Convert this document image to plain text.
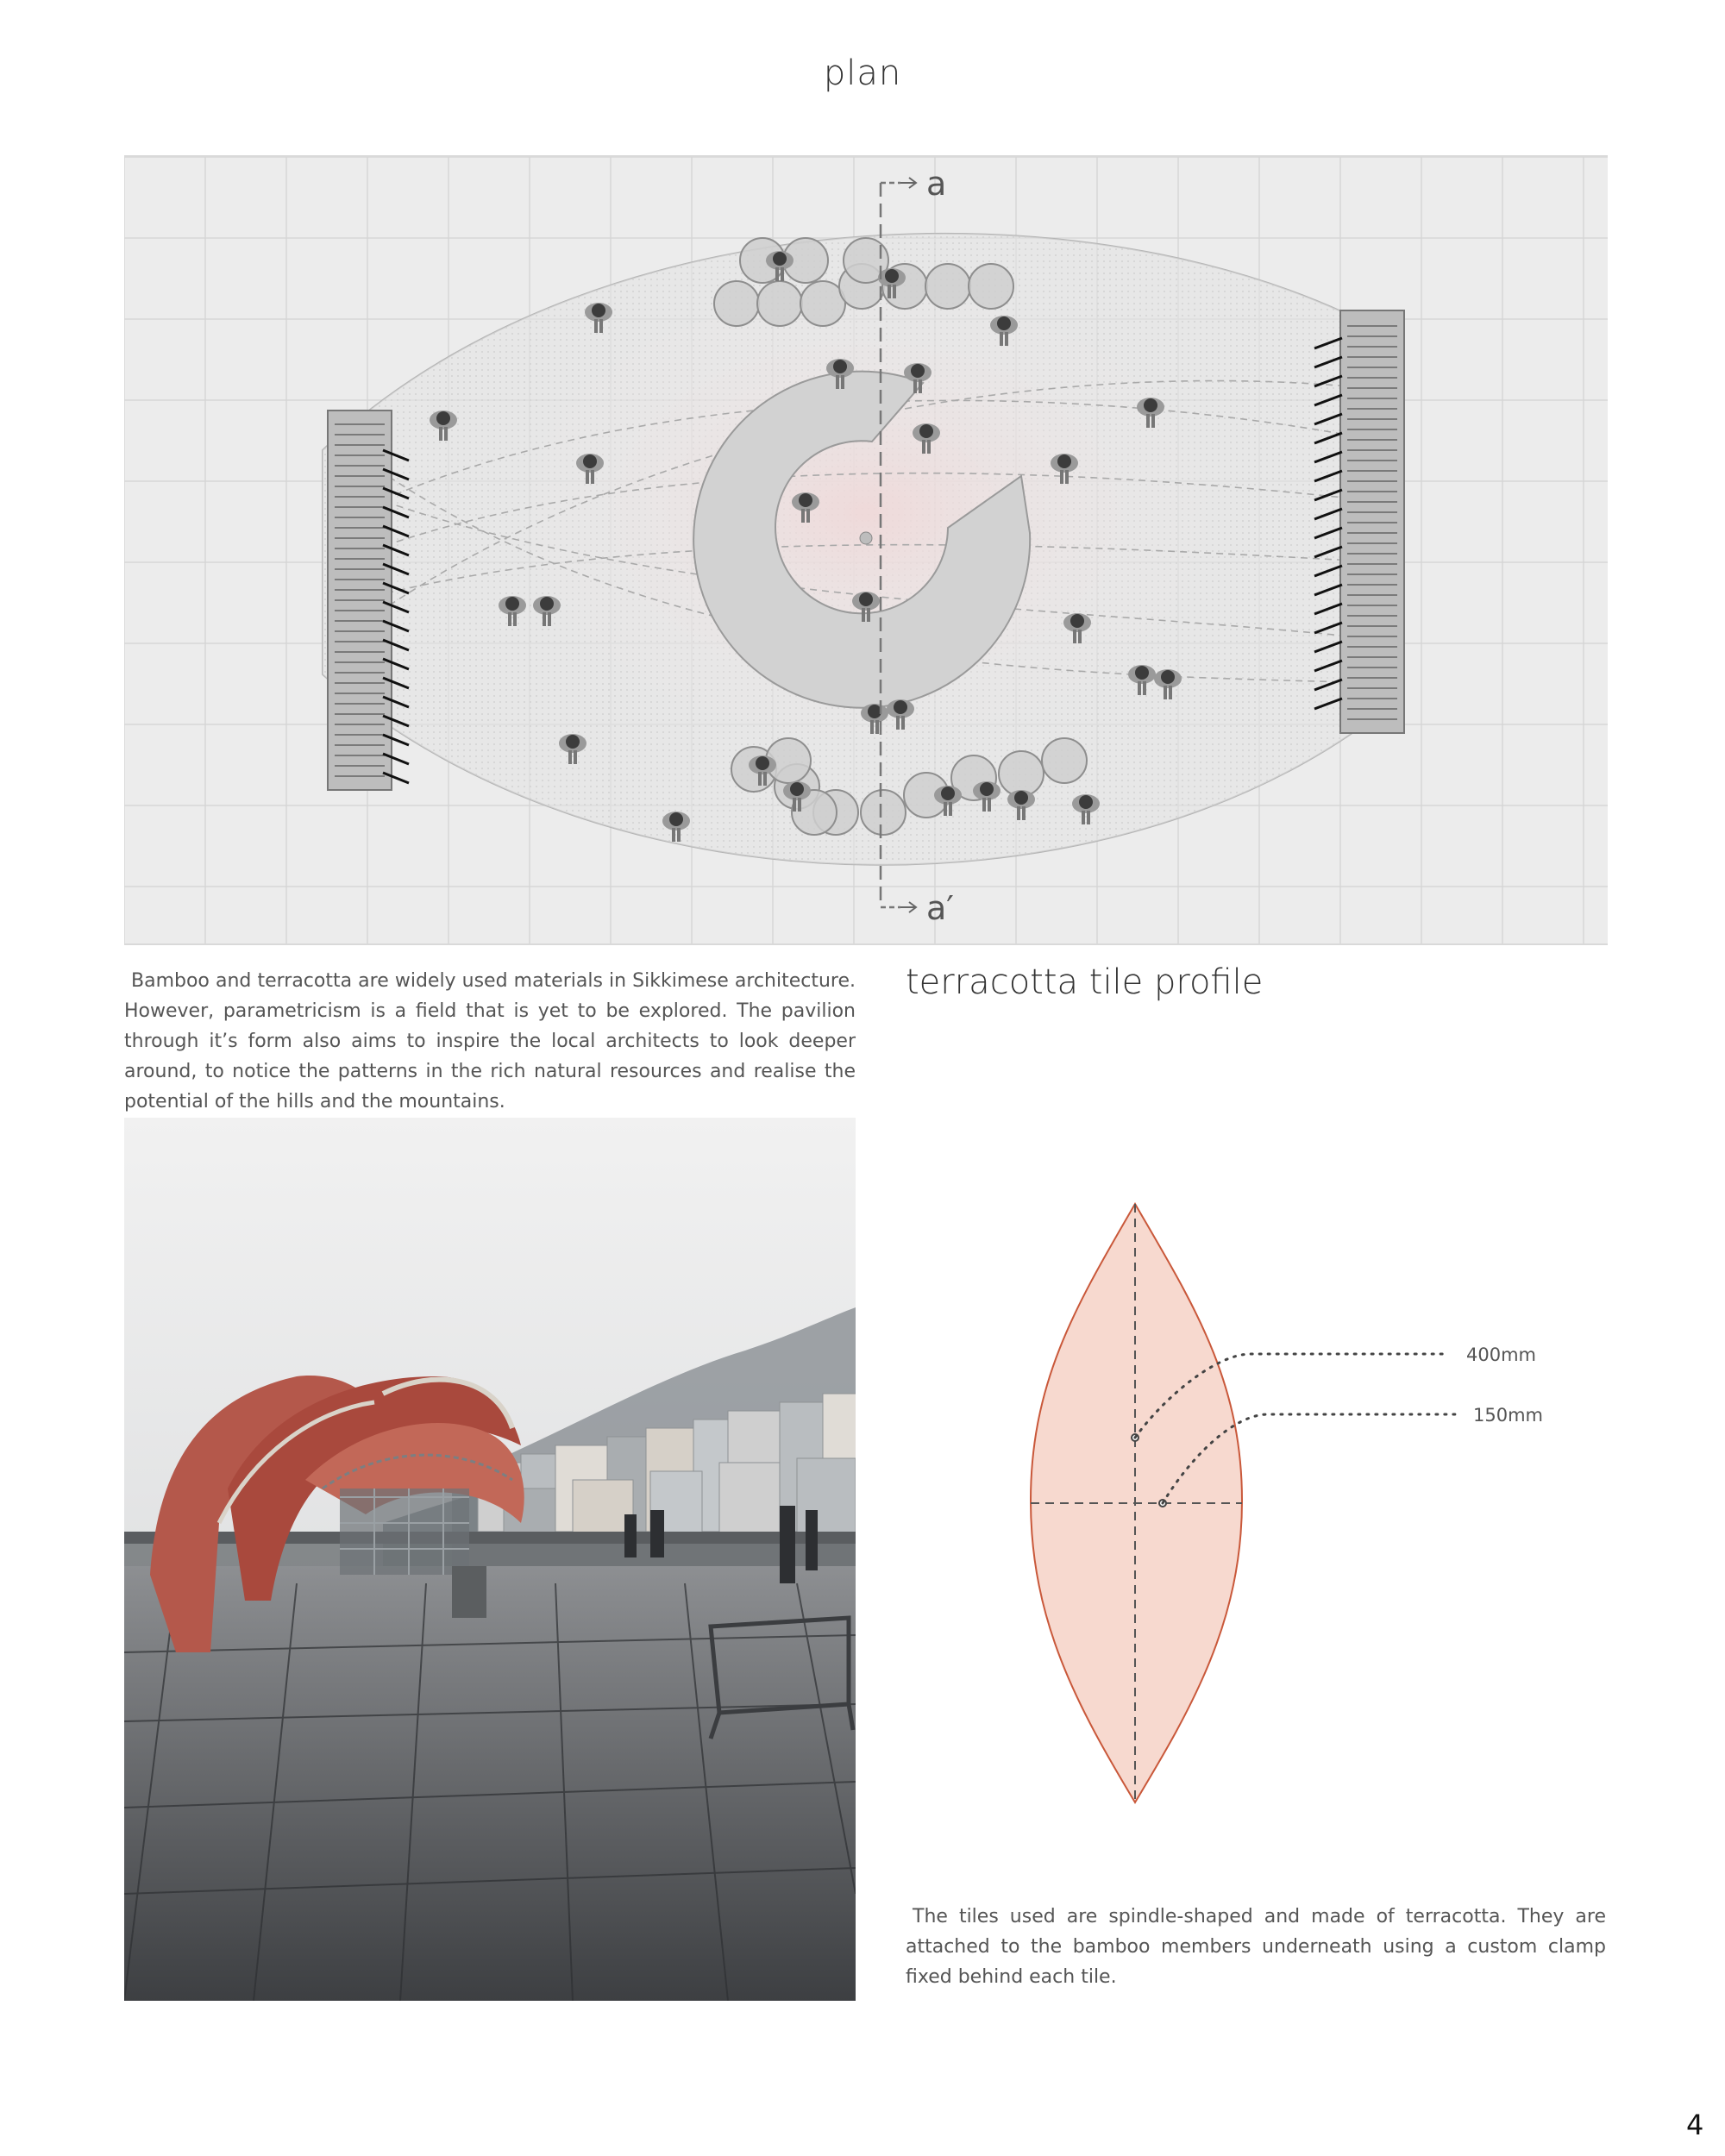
plan
a
a′
Bamboo and terracotta are widely used materials in Sikkimese architecture. However, parametricism is a field that is yet to be explored. The pavilion through it’s form also aims to inspire the local architects to look deeper around, to notice the patterns in the rich natural resources and realise the potential of the hills and the mountains.
terracotta tile profile
400mm
150mm
The tiles used are spindle-shaped and made of terracotta. They are attached to the bamboo members underneath using a custom clamp fixed behind each tile.
4
